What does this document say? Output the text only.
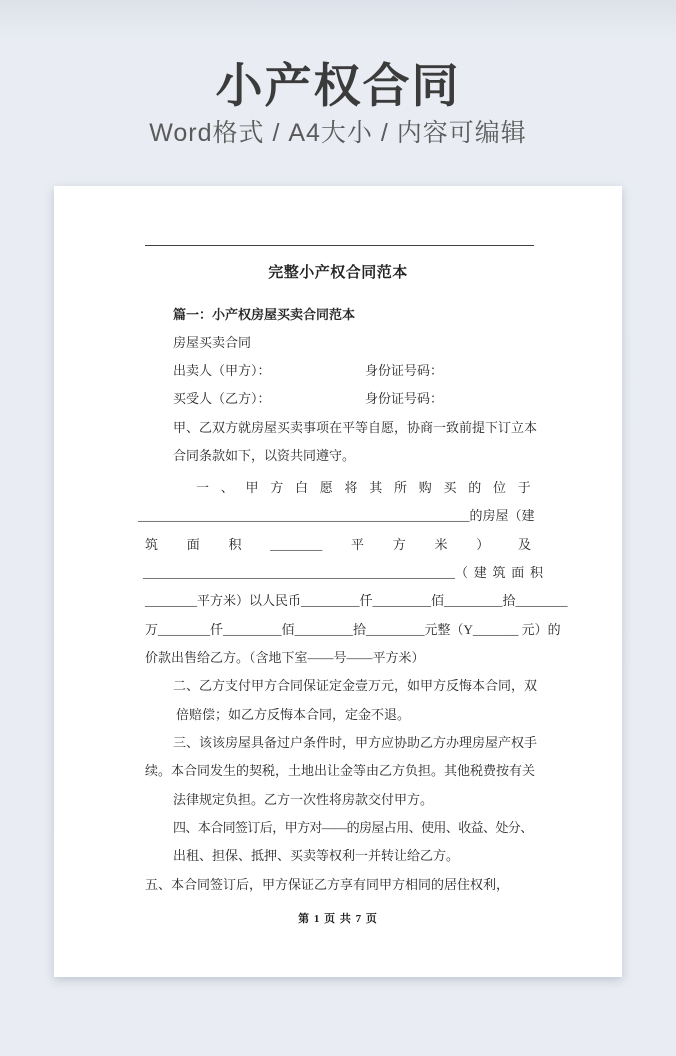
小产权合同
Word格式 / A4大小 / 内容可编辑
完整小产权合同范本
篇一：小产权房屋买卖合同范本
房屋买卖合同
出卖人（甲方）：	身份证号码：
买受人（乙方）：	身份证号码：
甲、乙双方就房屋买卖事项在平等自愿，协商一致前提下订立本
合同条款如下，以资共同遵守。
一 、 甲 方 白 愿 将 其 所 购 买 的 位 于
___________________________________________________的房屋（建
筑 面 积 ________ 平 方 米 ） 及
________________________________________________（ 建 筑 面 积
________平方米）以人民币_________仟_________佰_________拾________
万________仟_________佰_________拾_________元整（Y_______ 元）的
价款出售给乙方。（含地下室——号——平方米）
二、乙方支付甲方合同保证定金壹万元，如甲方反悔本合同，双
倍赔偿；如乙方反悔本合同，定金不退。
三、该该房屋具备过户条件时，甲方应协助乙方办理房屋产权手
续。本合同发生的契税，土地出让金等由乙方负担。其他税费按有关
法律规定负担。乙方一次性将房款交付甲方。
四、本合同签订后，甲方对——的房屋占用、使用、收益、处分、
出租、担保、抵押、买卖等权利一并转让给乙方。
五、本合同签订后，甲方保证乙方享有同甲方相同的居住权利，
第 1 页 共 7 页
